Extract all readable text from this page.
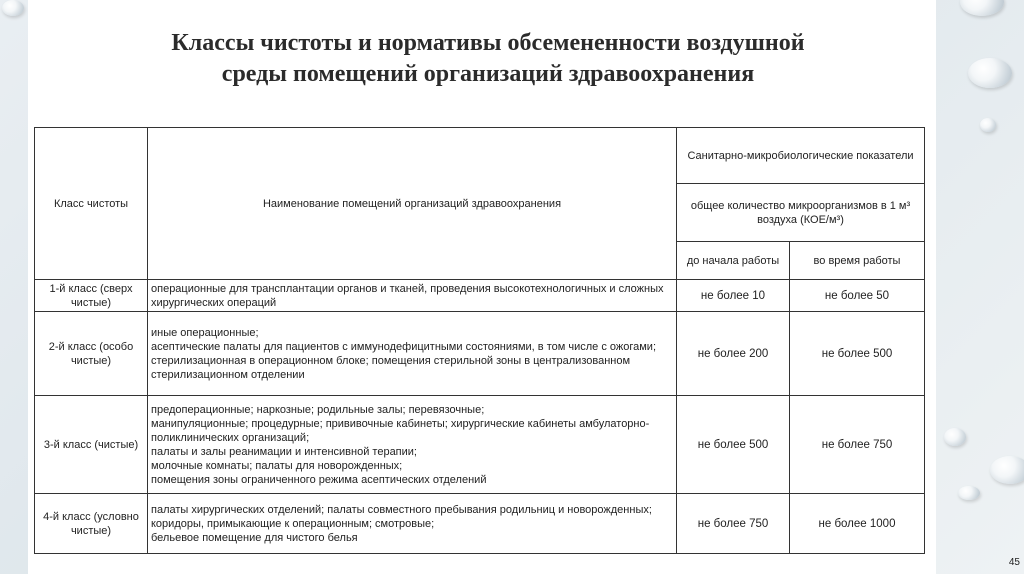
Классы чистоты и нормативы обсемененности воздушной
среды помещений организаций здравоохранения
Класс чистоты	Наименование помещений организаций здравоохранения	Санитарно-микробиологические показатели	
		общее количество микроорганизмов в 1 м³ воздуха (КОЕ/м³)	
		до начала работы	во время работы
1-й класс (сверх чистые)	операционные для трансплантации органов и тканей, проведения высокотехнологичных и сложных хирургических операций	не более 10	не более 50
2-й класс (особо чистые)	иные операционные;
асептические палаты для пациентов с иммунодефицитными состояниями, в том числе с ожогами;
стерилизационная в операционном блоке; помещения стерильной зоны в централизованном стерилизационном отделении	не более 200	не более 500
3-й класс (чистые)	предоперационные; наркозные; родильные залы; перевязочные;
манипуляционные; процедурные; прививочные кабинеты; хирургические кабинеты амбулаторно-поликлинических организаций;
палаты и залы реанимации и интенсивной терапии;
молочные комнаты; палаты для новорожденных;
помещения зоны ограниченного режима асептических отделений	не более 500	не более 750
4-й класс (условно чистые)	палаты хирургических отделений; палаты совместного пребывания родильниц и новорожденных; коридоры, примыкающие к операционным; смотровые;
бельевое помещение для чистого белья	не более 750	не более 1000
45
